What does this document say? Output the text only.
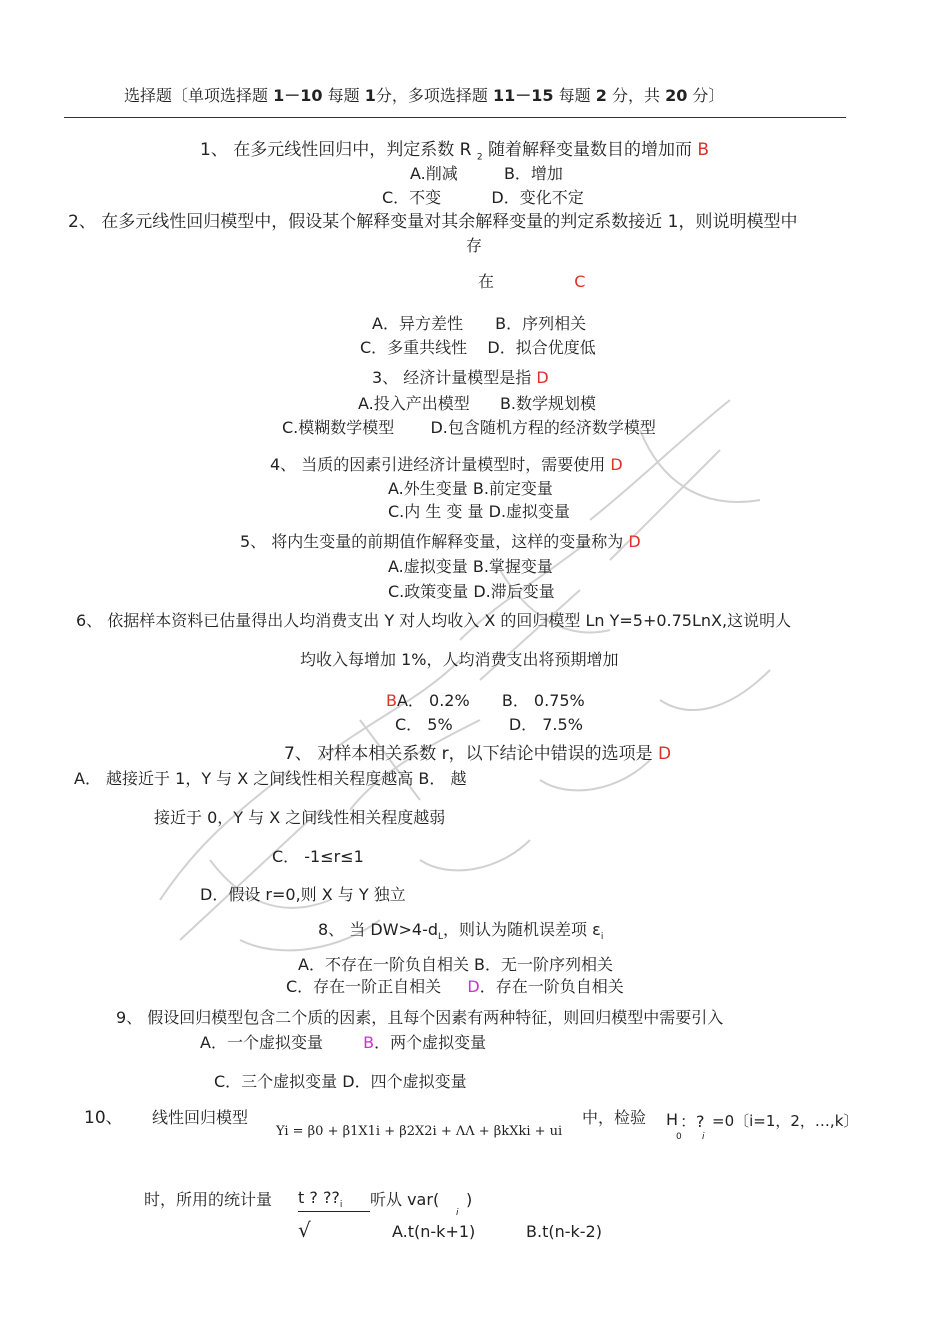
选择题〔单项选择题 1－10 每题 1分，多项选择题 11－15 每题 2 分，共 20 分〕
1、 在多元线性回归中，判定系数 R $_2$ 随着解释变量数目的增加而 B
A.削减	B．增加
C．不变	D．变化不定
2、 在多元线性回归模型中，假设某个解释变量对其余解释变量的判定系数接近 1，则说明模型中
存
在	C
A．异方差性 B．序列相关
C．多重共线性 D．拟合优度低
3、 经济计量模型是指 D
A.投入产出模型 B.数学规划模
C.模糊数学模型 D.包含随机方程的经济数学模型
4、 当质的因素引进经济计量模型时，需要使用 D
A.外生变量 B.前定变量
C.内 生 变 量 D.虚拟变量
5、 将内生变量的前期值作解释变量，这样的变量称为 D
A.虚拟变量 B.掌握变量
C.政策变量 D.滞后变量
6、 依据样本资料已估量得出人均消费支出 Y 对人均收入 X 的回归模型 Ln Y=5+0.75LnX,这说明人
均收入每增加 1%，人均消费支出将预期增加
BA． 0.2% B． 0.75%
C． 5%	D． 7.5%
7、 对样本相关系数 r，以下结论中错误的选项是 D
A． 越接近于 1，Y 与 X 之间线性相关程度越高 B． 越
接近于 0，Y 与 X 之间线性相关程度越弱
C． -1≤r≤1
D．假设 r=0,则 X 与 Y 独立
8、 当 $DW>4-d_L$，则认为随机误差项 $\varepsilon_i$
A．不存在一阶负自相关 B．无一阶序列相关
C．存在一阶正自相关 D．存在一阶负自相关
9、 假设回归模型包含二个质的因素，且每个因素有两种特征，则回归模型中需要引入
A．一个虚拟变量	B．两个虚拟变量
C．三个虚拟变量 D．四个虚拟变量
10、 线性回归模型
Yi = β0 + β1X1i + β2X2i + ΛΛ + βkXki + ui
中，检验 H
0
：?
i
=0〔i=1，2，…,k〕
时，所用的统计量 t ? $??_i$
√
听从 var(
i
)
A.t(n-k+1)	B.t(n-k-2)
